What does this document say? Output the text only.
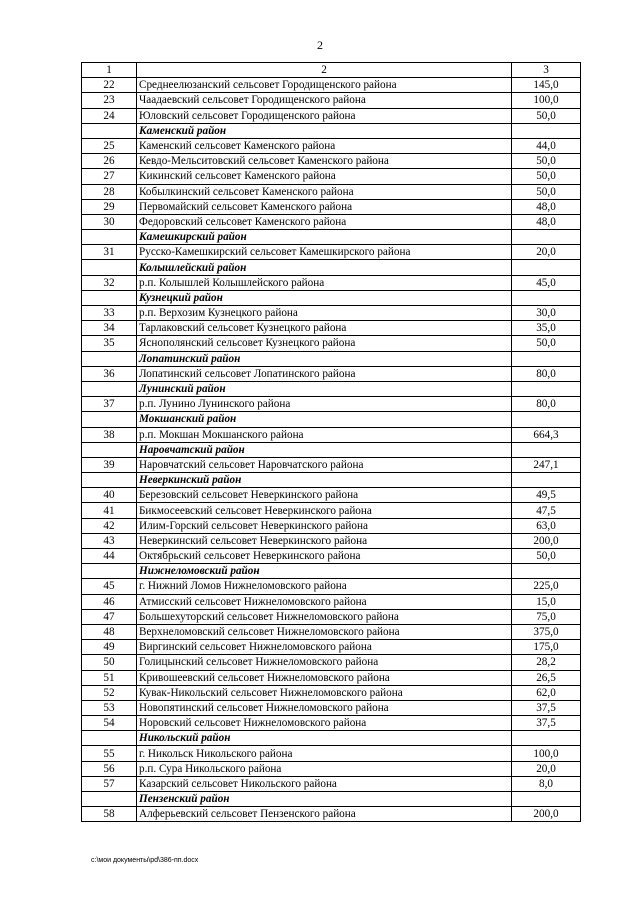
2
1	2	3
22	Среднеелюзанский сельсовет Городищенского района	145,0
23	Чаадаевский сельсовет Городищенского района	100,0
24	Юловский сельсовет Городищенского района	50,0
	Каменский район	
25	Каменский сельсовет Каменского района	44,0
26	Кевдо-Мельситовский сельсовет Каменского района	50,0
27	Кикинский сельсовет Каменского района	50,0
28	Кобылкинский сельсовет Каменского района	50,0
29	Первомайский сельсовет Каменского района	48,0
30	Федоровский сельсовет Каменского района	48,0
	Камешкирский район	
31	Русско-Камешкирский сельсовет Камешкирского района	20,0
	Колышлейский район	
32	р.п. Колышлей Колышлейского района	45,0
	Кузнецкий район	
33	р.п. Верхозим Кузнецкого района	30,0
34	Тарлаковский сельсовет Кузнецкого района	35,0
35	Яснополянский сельсовет Кузнецкого района	50,0
	Лопатинский район	
36	Лопатинский сельсовет Лопатинского района	80,0
	Лунинский район	
37	р.п. Лунино Лунинского района	80,0
	Мокшанский район	
38	р.п. Мокшан Мокшанского района	664,3
	Наровчатский район	
39	Наровчатский сельсовет Наровчатского района	247,1
	Неверкинский район	
40	Березовский сельсовет Неверкинского района	49,5
41	Бикмосеевский сельсовет Неверкинского района	47,5
42	Илим-Горский сельсовет Неверкинского района	63,0
43	Неверкинский сельсовет Неверкинского района	200,0
44	Октябрьский сельсовет Неверкинского района	50,0
	Нижнеломовский район	
45	г. Нижний Ломов Нижнеломовского района	225,0
46	Атмисский сельсовет Нижнеломовского района	15,0
47	Большехуторский сельсовет Нижнеломовского района	75,0
48	Верхнеломовский сельсовет Нижнеломовского района	375,0
49	Виргинский сельсовет Нижнеломовского района	175,0
50	Голицынский сельсовет Нижнеломовского района	28,2
51	Кривошеевский сельсовет Нижнеломовского района	26,5
52	Кувак-Никольский сельсовет Нижнеломовского района	62,0
53	Новопятинский сельсовет Нижнеломовского района	37,5
54	Норовский сельсовет Нижнеломовского района	37,5
	Никольский район	
55	г. Никольск Никольского района	100,0
56	р.п. Сура Никольского района	20,0
57	Казарский сельсовет Никольского района	8,0
	Пензенский район	
58	Алферьевский сельсовет Пензенского района	200,0
c:\мои документы\pd\386-пп.docx
